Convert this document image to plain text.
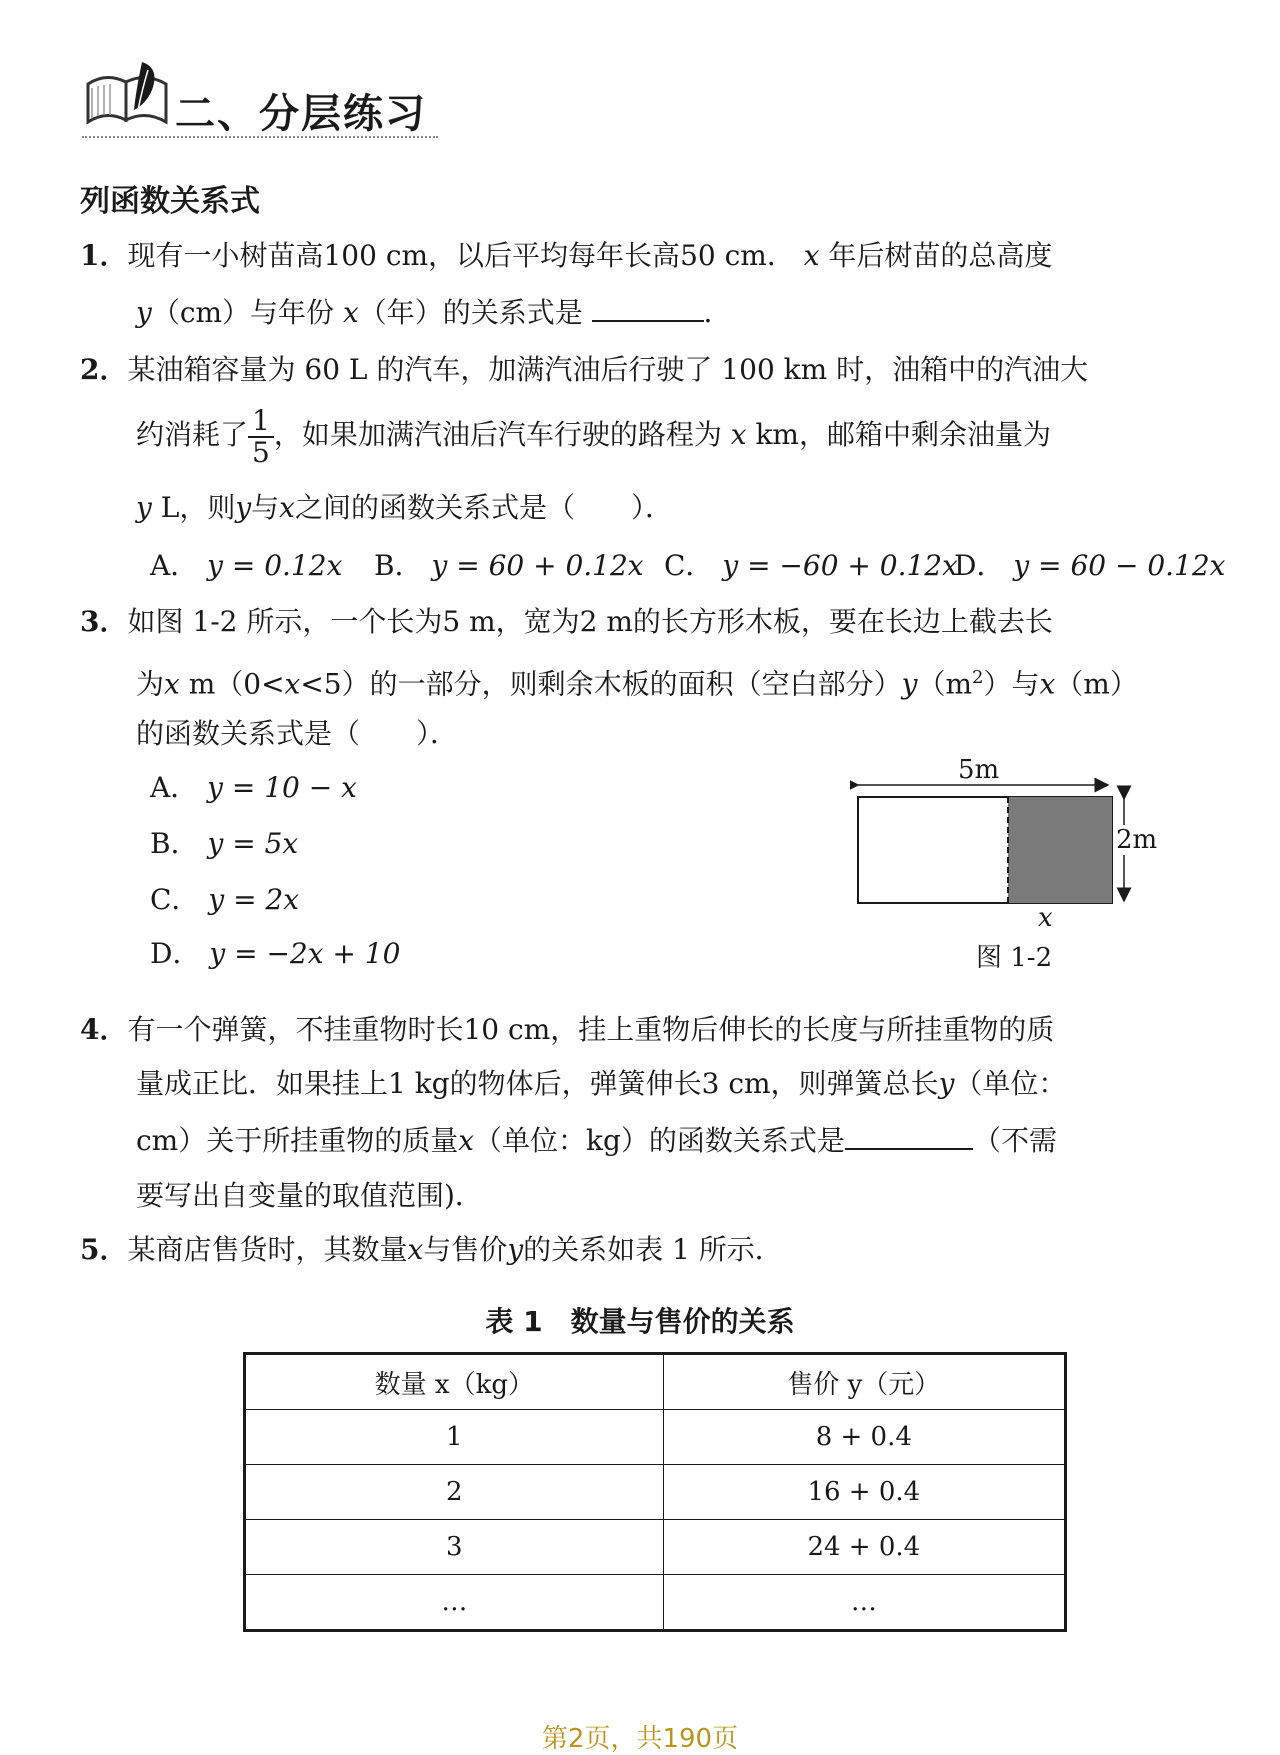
二、分层练习
列函数关系式
1．现有一小树苗高100 cm，以后平均每年长高50 cm． x 年后树苗的总高度
y（cm）与年份 x（年）的关系式是	．
2．某油箱容量为 60 L 的汽车，加满汽油后行驶了 100 km 时，油箱中的汽油大
约消耗了 $\frac{1}{5}$ ，如果加满汽油后汽车行驶的路程为 x km，邮箱中剩余油量为
y L，则y与x之间的函数关系式是（　　）．
A． y = 0.12x B． y = 60 + 0.12x C． y = −60 + 0.12x
D． y = 60 − 0.12x
3．如图 1-2 所示，一个长为5 m，宽为2 m的长方形木板，要在长边上截去长
为x m（0<x<5）的一部分，则剩余木板的面积（空白部分）$y(m^2)$与x（m）
的函数关系式是（　　）．
A． y = 10 − x
B． y = 5x
C． y = 2x
D． y = −2x + 10
5m
2m
x
图 1-2
4．有一个弹簧，不挂重物时长10 cm，挂上重物后伸长的长度与所挂重物的质
量成正比．如果挂上1 kg的物体后，弹簧伸长3 cm，则弹簧总长y（单位：
cm）关于所挂重物的质量x（单位：kg）的函数关系式是	（不需
要写出自变量的取值范围)．
5．某商店售货时，其数量x与售价y的关系如表 1 所示．
表 1　数量与售价的关系
数量 x（kg）	售价 y（元）
1	8 + 0.4
2	16 + 0.4
3	24 + 0.4
…	…
第2页，共190页
